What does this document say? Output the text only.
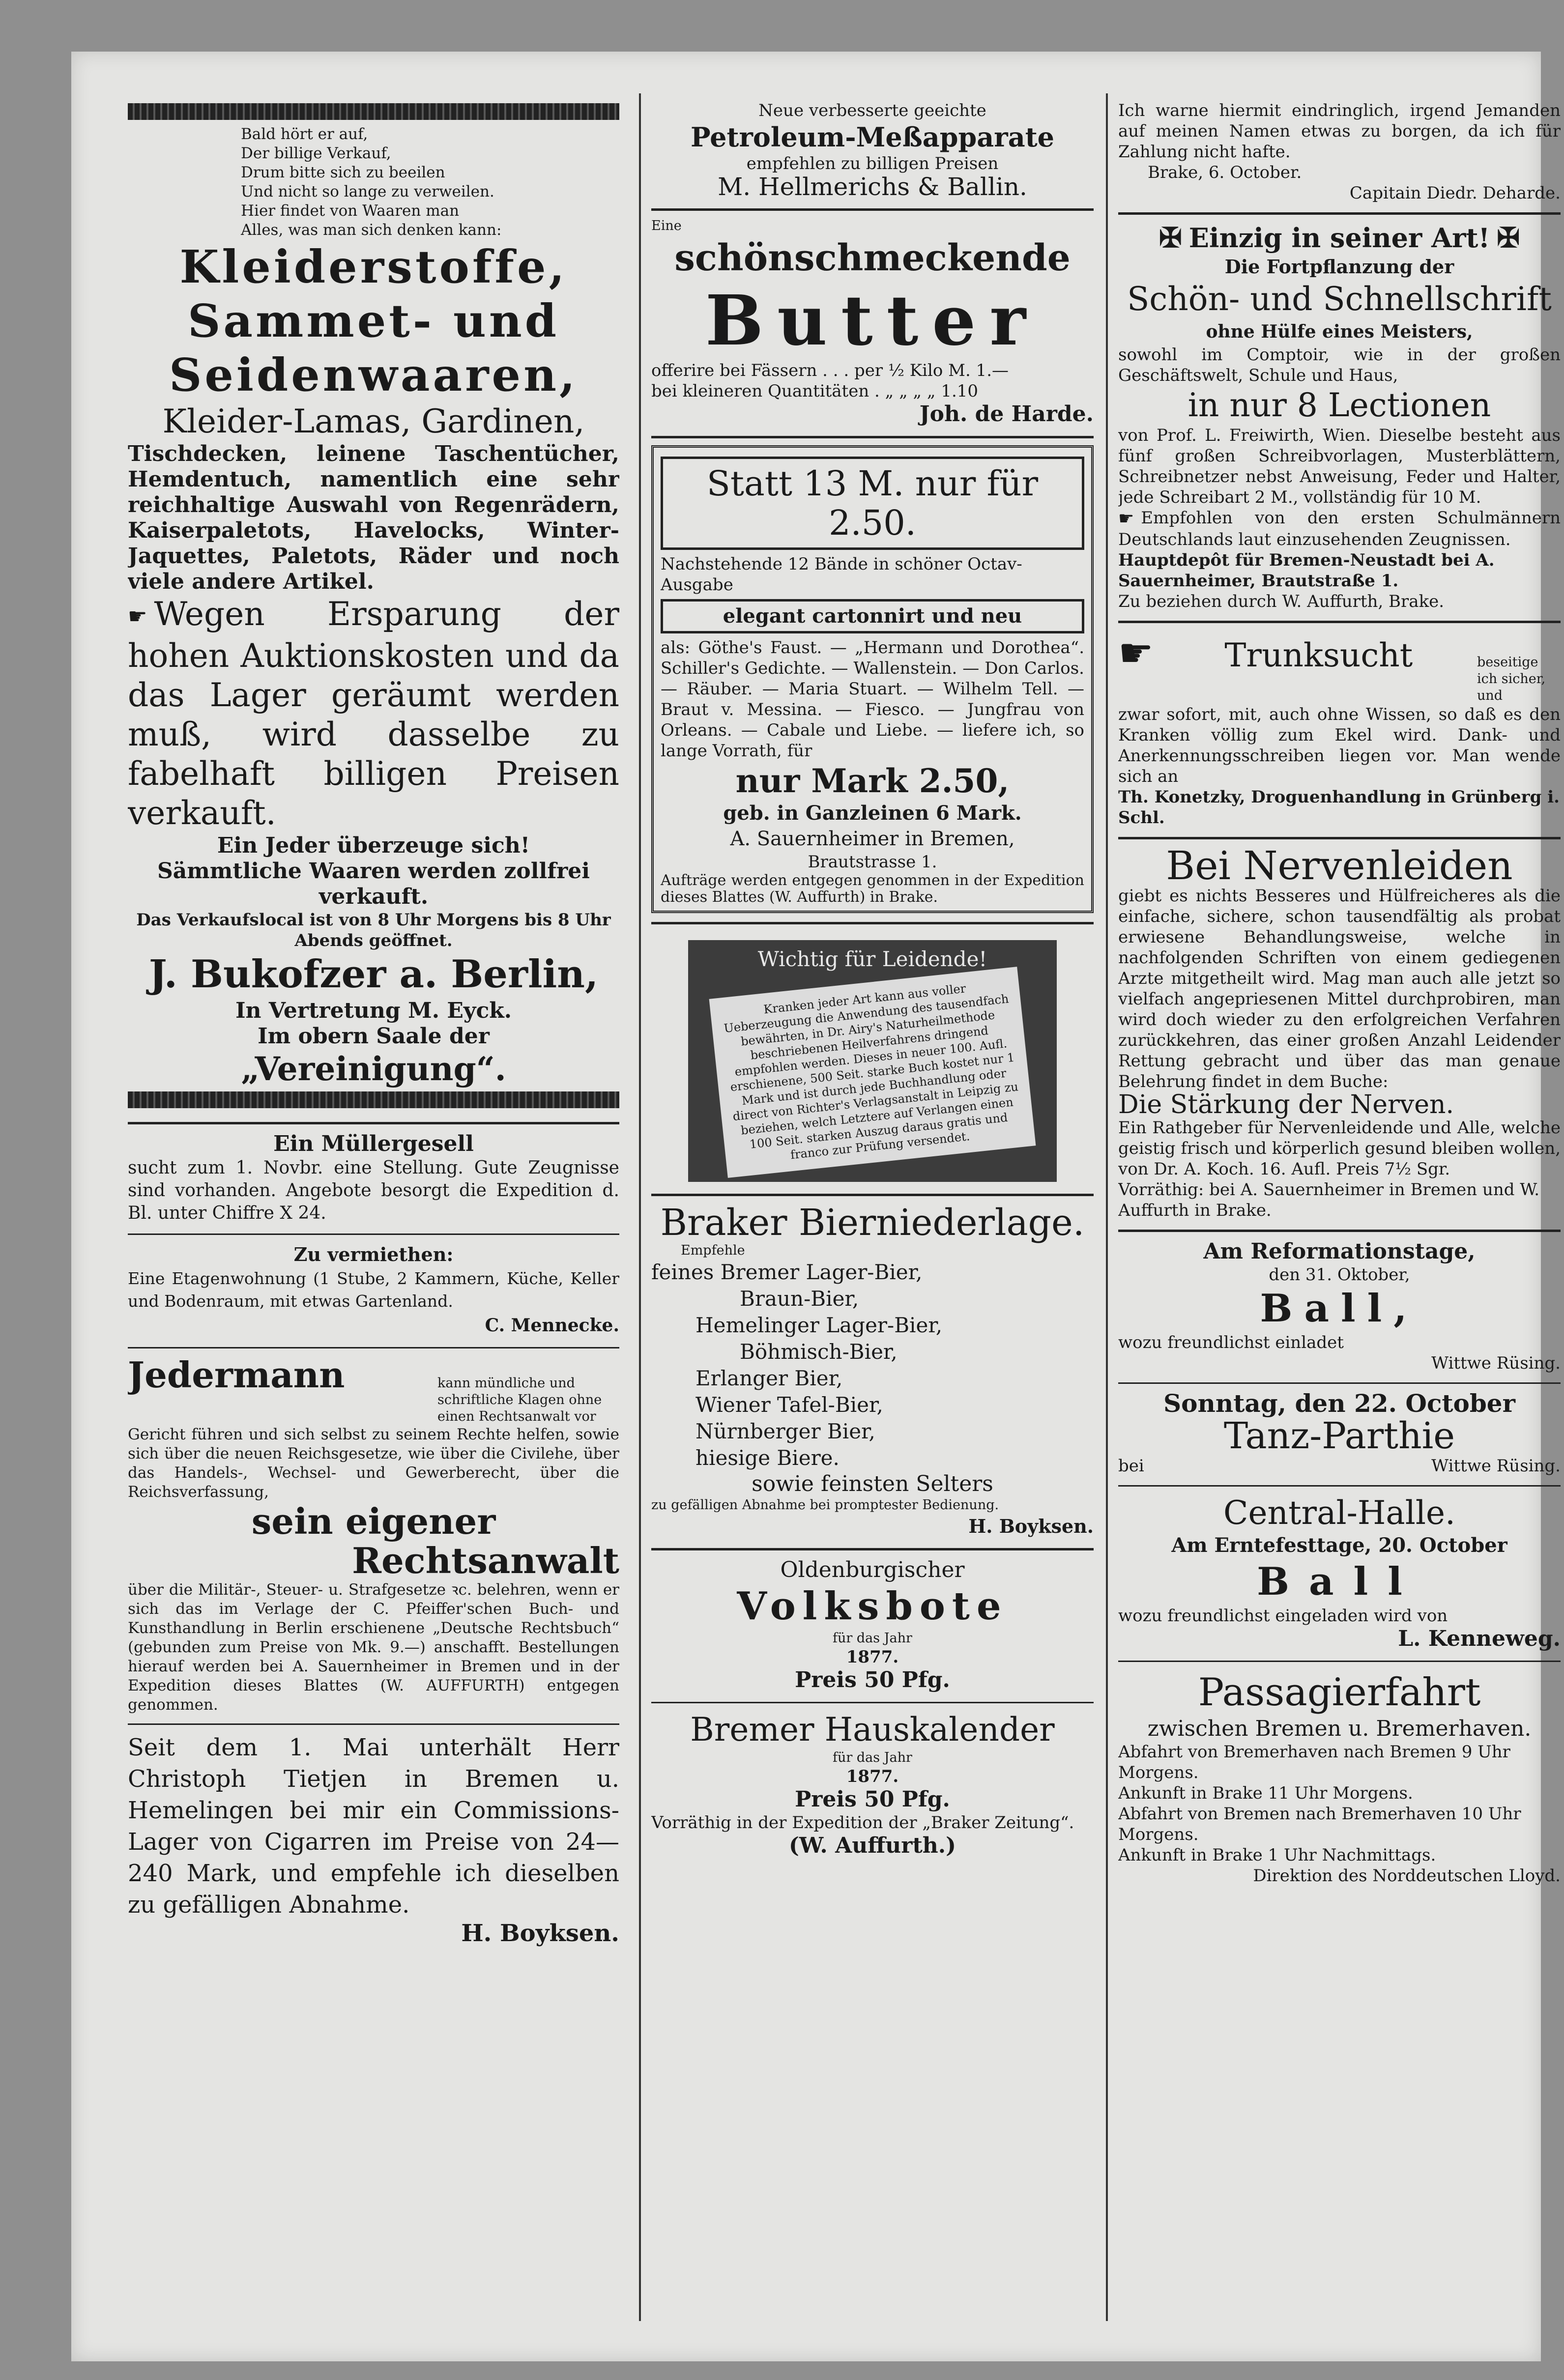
Bald hört er auf,
Der billige Verkauf,
Drum bitte sich zu beeilen
Und nicht so lange zu verweilen.
Hier findet von Waaren man
Alles, was man sich denken kann:
Kleiderstoffe,
Sammet- und
Seidenwaaren,
Kleider-Lamas, Gardinen,
Tischdecken, leinene Taschentücher, Hemdentuch, namentlich eine sehr reichhaltige Auswahl von Regenrädern, Kaiserpaletots, Havelocks, Winter-Jaquettes, Paletots, Räder und noch viele andere Artikel.
☛ Wegen Ersparung der hohen Auktionskosten und da das Lager geräumt werden muß, wird dasselbe zu fabelhaft billigen Preisen verkauft.
Ein Jeder überzeuge sich!
Sämmtliche Waaren werden zollfrei verkauft.
Das Verkaufslocal ist von 8 Uhr Morgens bis 8 Uhr Abends geöffnet.
J. Bukofzer a. Berlin,
In Vertretung M. Eyck.
Im obern Saale der
„Vereinigung“.
Ein Müllergesell
sucht zum 1. Novbr. eine Stellung. Gute Zeugnisse sind vorhanden. Angebote besorgt die Expedition d. Bl. unter Chiffre X 24.
Zu vermiethen:
Eine Etagenwohnung (1 Stube, 2 Kammern, Küche, Keller und Bodenraum, mit etwas Gartenland.
C. Mennecke.
Jedermann	kann mündliche und schriftliche Klagen ohne einen Rechtsanwalt vor
Gericht führen und sich selbst zu seinem Rechte helfen, sowie sich über die neuen Reichsgesetze, wie über die Civilehe, über das Handels-, Wechsel- und Gewerberecht, über die Reichsverfassung,
sein eigener
Rechtsanwalt
über die Militär-, Steuer- u. Strafgesetze ꝛc. belehren, wenn er sich das im Verlage der C. Pfeiffer'schen Buch- und Kunsthandlung in Berlin erschienene „Deutsche Rechtsbuch“ (gebunden zum Preise von Mk. 9.—) anschafft. Bestellungen hierauf werden bei A. Sauernheimer in Bremen und in der Expedition dieses Blattes (W. AUFFURTH) entgegen genommen.
Seit dem 1. Mai unterhält Herr Christoph Tietjen in Bremen u. Hemelingen bei mir ein Commissions-Lager von Cigarren im Preise von 24—240 Mark, und empfehle ich dieselben zu gefälligen Abnahme.
H. Boyksen.
Neue verbesserte geeichte
Petroleum-Meßapparate
empfehlen zu billigen Preisen
M. Hellmerichs & Ballin.
Eine
schönschmeckende
Butter
offerire bei Fässern . . . per ½ Kilo M. 1.—
bei kleineren Quantitäten . „ „ „ „ 1.10
Joh. de Harde.
Statt 13 M. nur für 2.50.
Nachstehende 12 Bände in schöner Octav-Ausgabe
elegant cartonnirt und neu
als: Göthe's Faust. — „Hermann und Dorothea“. Schiller's Gedichte. — Wallenstein. — Don Carlos. — Räuber. — Maria Stuart. — Wilhelm Tell. — Braut v. Messina. — Fiesco. — Jungfrau von Orleans. — Cabale und Liebe. — liefere ich, so lange Vorrath, für
nur Mark 2.50,
geb. in Ganzleinen 6 Mark.
A. Sauernheimer in Bremen,
Brautstrasse 1.
Aufträge werden entgegen genommen in der Expedition dieses Blattes (W. Auffurth) in Brake.
Wichtig für Leidende!
Kranken jeder Art kann aus voller Ueberzeugung die Anwendung des tausendfach bewährten, in Dr. Airy's Naturheilmethode beschriebenen Heilverfahrens dringend empfohlen werden. Dieses in neuer 100. Aufl. erschienene, 500 Seit. starke Buch kostet nur 1 Mark und ist durch jede Buchhandlung oder direct von Richter's Verlagsanstalt in Leipzig zu beziehen, welch Letztere auf Verlangen einen 100 Seit. starken Auszug daraus gratis und franco zur Prüfung versendet.
Braker Bierniederlage.
Empfehle
feines Bremer Lager-Bier,
Braun-Bier,
Hemelinger Lager-Bier,
Böhmisch-Bier,
Erlanger Bier,
Wiener Tafel-Bier,
Nürnberger Bier,
hiesige Biere.
sowie feinsten Selters
zu gefälligen Abnahme bei promptester Bedienung.
H. Boyksen.
Oldenburgischer
Volksbote
für das Jahr
1877.
Preis 50 Pfg.
Bremer Hauskalender
für das Jahr
1877.
Preis 50 Pfg.
Vorräthig in der Expedition der „Braker Zeitung“.
(W. Auffurth.)
Ich warne hiermit eindringlich, irgend Jemanden auf meinen Namen etwas zu borgen, da ich für Zahlung nicht hafte.
Brake, 6. October.
Capitain Diedr. Deharde.
✠ Einzig in seiner Art! ✠
Die Fortpflanzung der
Schön- und Schnellschrift
ohne Hülfe eines Meisters,
sowohl im Comptoir, wie in der großen Geschäftswelt, Schule und Haus,
in nur 8 Lectionen
von Prof. L. Freiwirth, Wien. Dieselbe besteht aus fünf großen Schreibvorlagen, Musterblättern, Schreibnetzer nebst Anweisung, Feder und Halter, jede Schreibart 2 M., vollständig für 10 M.
☛ Empfohlen von den ersten Schulmännern Deutschlands laut einzusehenden Zeugnissen.
Hauptdepôt für Bremen-Neustadt bei A. Sauernheimer, Brautstraße 1.
Zu beziehen durch W. Auffurth, Brake.
☛ Trunksucht	beseitige ich sicher, und
zwar sofort, mit, auch ohne Wissen, so daß es den Kranken völlig zum Ekel wird. Dank- und Anerkennungsschreiben liegen vor. Man wende sich an
Th. Konetzky, Droguenhandlung in Grünberg i. Schl.
Bei Nervenleiden
giebt es nichts Besseres und Hülfreicheres als die einfache, sichere, schon tausendfältig als probat erwiesene Behandlungsweise, welche in nachfolgenden Schriften von einem gediegenen Arzte mitgetheilt wird. Mag man auch alle jetzt so vielfach angepriesenen Mittel durchprobiren, man wird doch wieder zu den erfolgreichen Verfahren zurückkehren, das einer großen Anzahl Leidender Rettung gebracht und über das man genaue Belehrung findet in dem Buche:
Die Stärkung der Nerven.
Ein Rathgeber für Nervenleidende und Alle, welche geistig frisch und körperlich gesund bleiben wollen, von Dr. A. Koch. 16. Aufl. Preis 7½ Sgr.
Vorräthig: bei A. Sauernheimer in Bremen und W. Auffurth in Brake.
Am Reformationstage,
den 31. Oktober,
Ball,
wozu freundlichst einladet
Wittwe Rüsing.
Sonntag, den 22. October
Tanz-Parthie
bei	Wittwe Rüsing.
Central-Halle.
Am Erntefesttage, 20. October
Ball
wozu freundlichst eingeladen wird von
L. Kenneweg.
Passagierfahrt
zwischen Bremen u. Bremerhaven.
Abfahrt von Bremerhaven nach Bremen 9 Uhr Morgens.
Ankunft in Brake 11 Uhr Morgens.
Abfahrt von Bremen nach Bremerhaven 10 Uhr Morgens.
Ankunft in Brake 1 Uhr Nachmittags.
Direktion des Norddeutschen Lloyd.
